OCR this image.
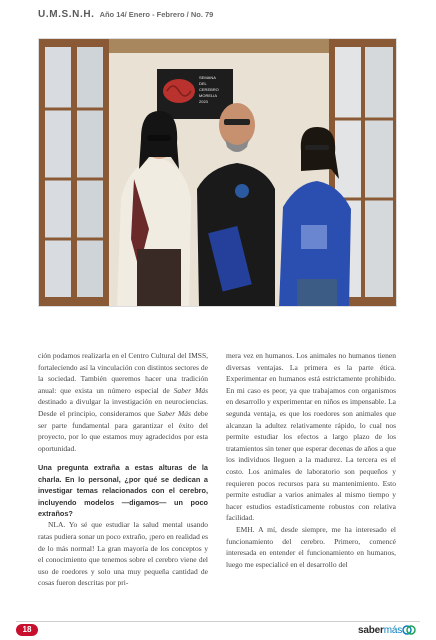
U.M.S.N.H. Año 14/ Enero - Febrero / No. 79
SEMANA
DEL
CEREBRO
MORELIA
2023

ción podamos realizarla en el Centro Cultural del IMSS, fortaleciendo así la vinculación con distintos sectores de la sociedad. También queremos hacer una tradición anual: que exista un número especial de Saber Más destinado a divulgar la investigación en neurociencias. Desde el principio, consideramos que Saber Más debe ser parte fundamental para garantizar el éxito del proyecto, por lo que estamos muy agradecidos por esta oportunidad.

Una pregunta extraña a estas alturas de la charla. En lo personal, ¿por qué se dedican a investigar temas relacionados con el cerebro, incluyendo modelos —digamos— un poco extraños?

NLA. Yo sé que estudiar la salud mental usando ratas pudiera sonar un poco extraño, ¡pero en realidad es de lo más normal! La gran mayoría de los conceptos y el conocimiento que tenemos sobre el cerebro viene del uso de roedores y solo una muy pequeña cantidad de cosas fueron descritas por pri-

mera vez en humanos. Los animales no humanos tienen diversas ventajas. La primera es la parte ética. Experimentar en humanos está estrictamente prohibido. En mi caso es peor, ya que trabajamos con organismos en desarrollo y experimentar en niños es impensable. La segunda ventaja, es que los roedores son animales que alcanzan la adultez relativamente rápido, lo cual nos permite estudiar los efectos a largo plazo de los tratamientos sin tener que esperar decenas de años a que los individuos lleguen a la madurez. La tercera es el costo. Los animales de laboratorio son pequeños y requieren pocos recursos para su mantenimiento. Esto permite estudiar a varios animales al mismo tiempo y hacer estudios estadísticamente robustos con relativa facilidad.

EMH. A mí, desde siempre, me ha interesado el funcionamiento del cerebro. Primero, comencé interesada en entender el funcionamiento en humanos, luego me especialicé en el desarrollo del

18	sabermás
